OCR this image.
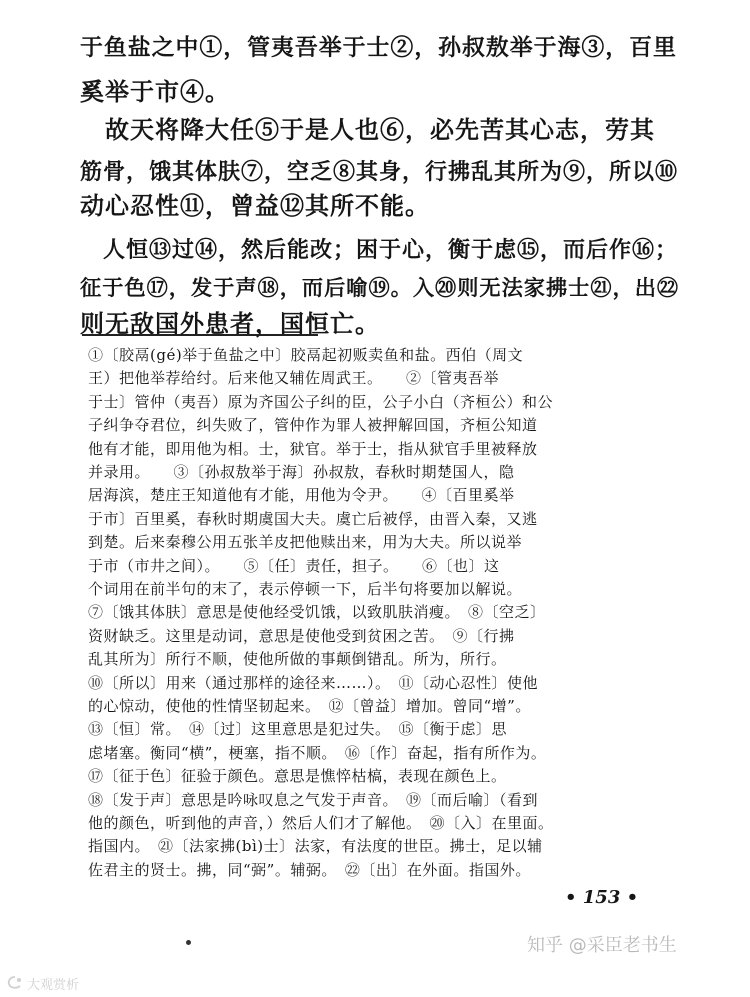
于鱼盐之中①，管夷吾举于士②，孙叔敖举于海③，百里

奚举于市④。

　故天将降大任⑤于是人也⑥，必先苦其心志，劳其

筋骨，饿其体肤⑦，空乏⑧其身，行拂乱其所为⑨，所以⑩

动心忍性⑪，曾益⑫其所不能。

　人恒⑬过⑭，然后能改；困于心，衡于虑⑮，而后作⑯；

征于色⑰，发于声⑱，而后喻⑲。入⑳则无法家拂士㉑，出㉒

则无敌国外患者，国恒亡。

①〔胶鬲(gé)举于鱼盐之中〕胶鬲起初贩卖鱼和盐。西伯（周文

王）把他举荐给纣。后来他又辅佐周武王。　　②〔管夷吾举

于士〕管仲（夷吾）原为齐国公子纠的臣，公子小白（齐桓公）和公

子纠争夺君位，纠失败了，管仲作为罪人被押解回国，齐桓公知道

他有才能，即用他为相。士，狱官。举于士，指从狱官手里被释放

并录用。　　③〔孙叔敖举于海〕孙叔敖，春秋时期楚国人，隐

居海滨，楚庄王知道他有才能，用他为令尹。　　④〔百里奚举

于市〕百里奚，春秋时期虞国大夫。虞亡后被俘，由晋入秦，又逃

到楚。后来秦穆公用五张羊皮把他赎出来，用为大夫。所以说举

于市（市井之间）。　　⑤〔任〕责任，担子。　　⑥〔也〕这

个词用在前半句的末了，表示停顿一下，后半句将要加以解说。

⑦〔饿其体肤〕意思是使他经受饥饿，以致肌肤消瘦。　⑧〔空乏〕

资财缺乏。这里是动词，意思是使他受到贫困之苦。　⑨〔行拂

乱其所为〕所行不顺，使他所做的事颠倒错乱。所为，所行。

⑩〔所以〕用来（通过那样的途径来……）。　⑪〔动心忍性〕使他

的心惊动，使他的性情坚韧起来。　⑫〔曾益〕增加。曾同“增”。

⑬〔恒〕常。　⑭〔过〕这里意思是犯过失。　⑮〔衡于虑〕思

虑堵塞。衡同“横”，梗塞，指不顺。　⑯〔作〕奋起，指有所作为。

⑰〔征于色〕征验于颜色。意思是憔悴枯槁，表现在颜色上。

⑱〔发于声〕意思是吟咏叹息之气发于声音。　⑲〔而后喻〕（看到

他的颜色，听到他的声音，）然后人们才了解他。　⑳〔入〕在里面。

指国内。　㉑〔法家拂(bì)士〕法家，有法度的世臣。拂士，足以辅

佐君主的贤士。拂，同“弼”。辅弼。　㉒〔出〕在外面。指国外。

• 153 •
知乎 @采臣老书生
大观赏析
